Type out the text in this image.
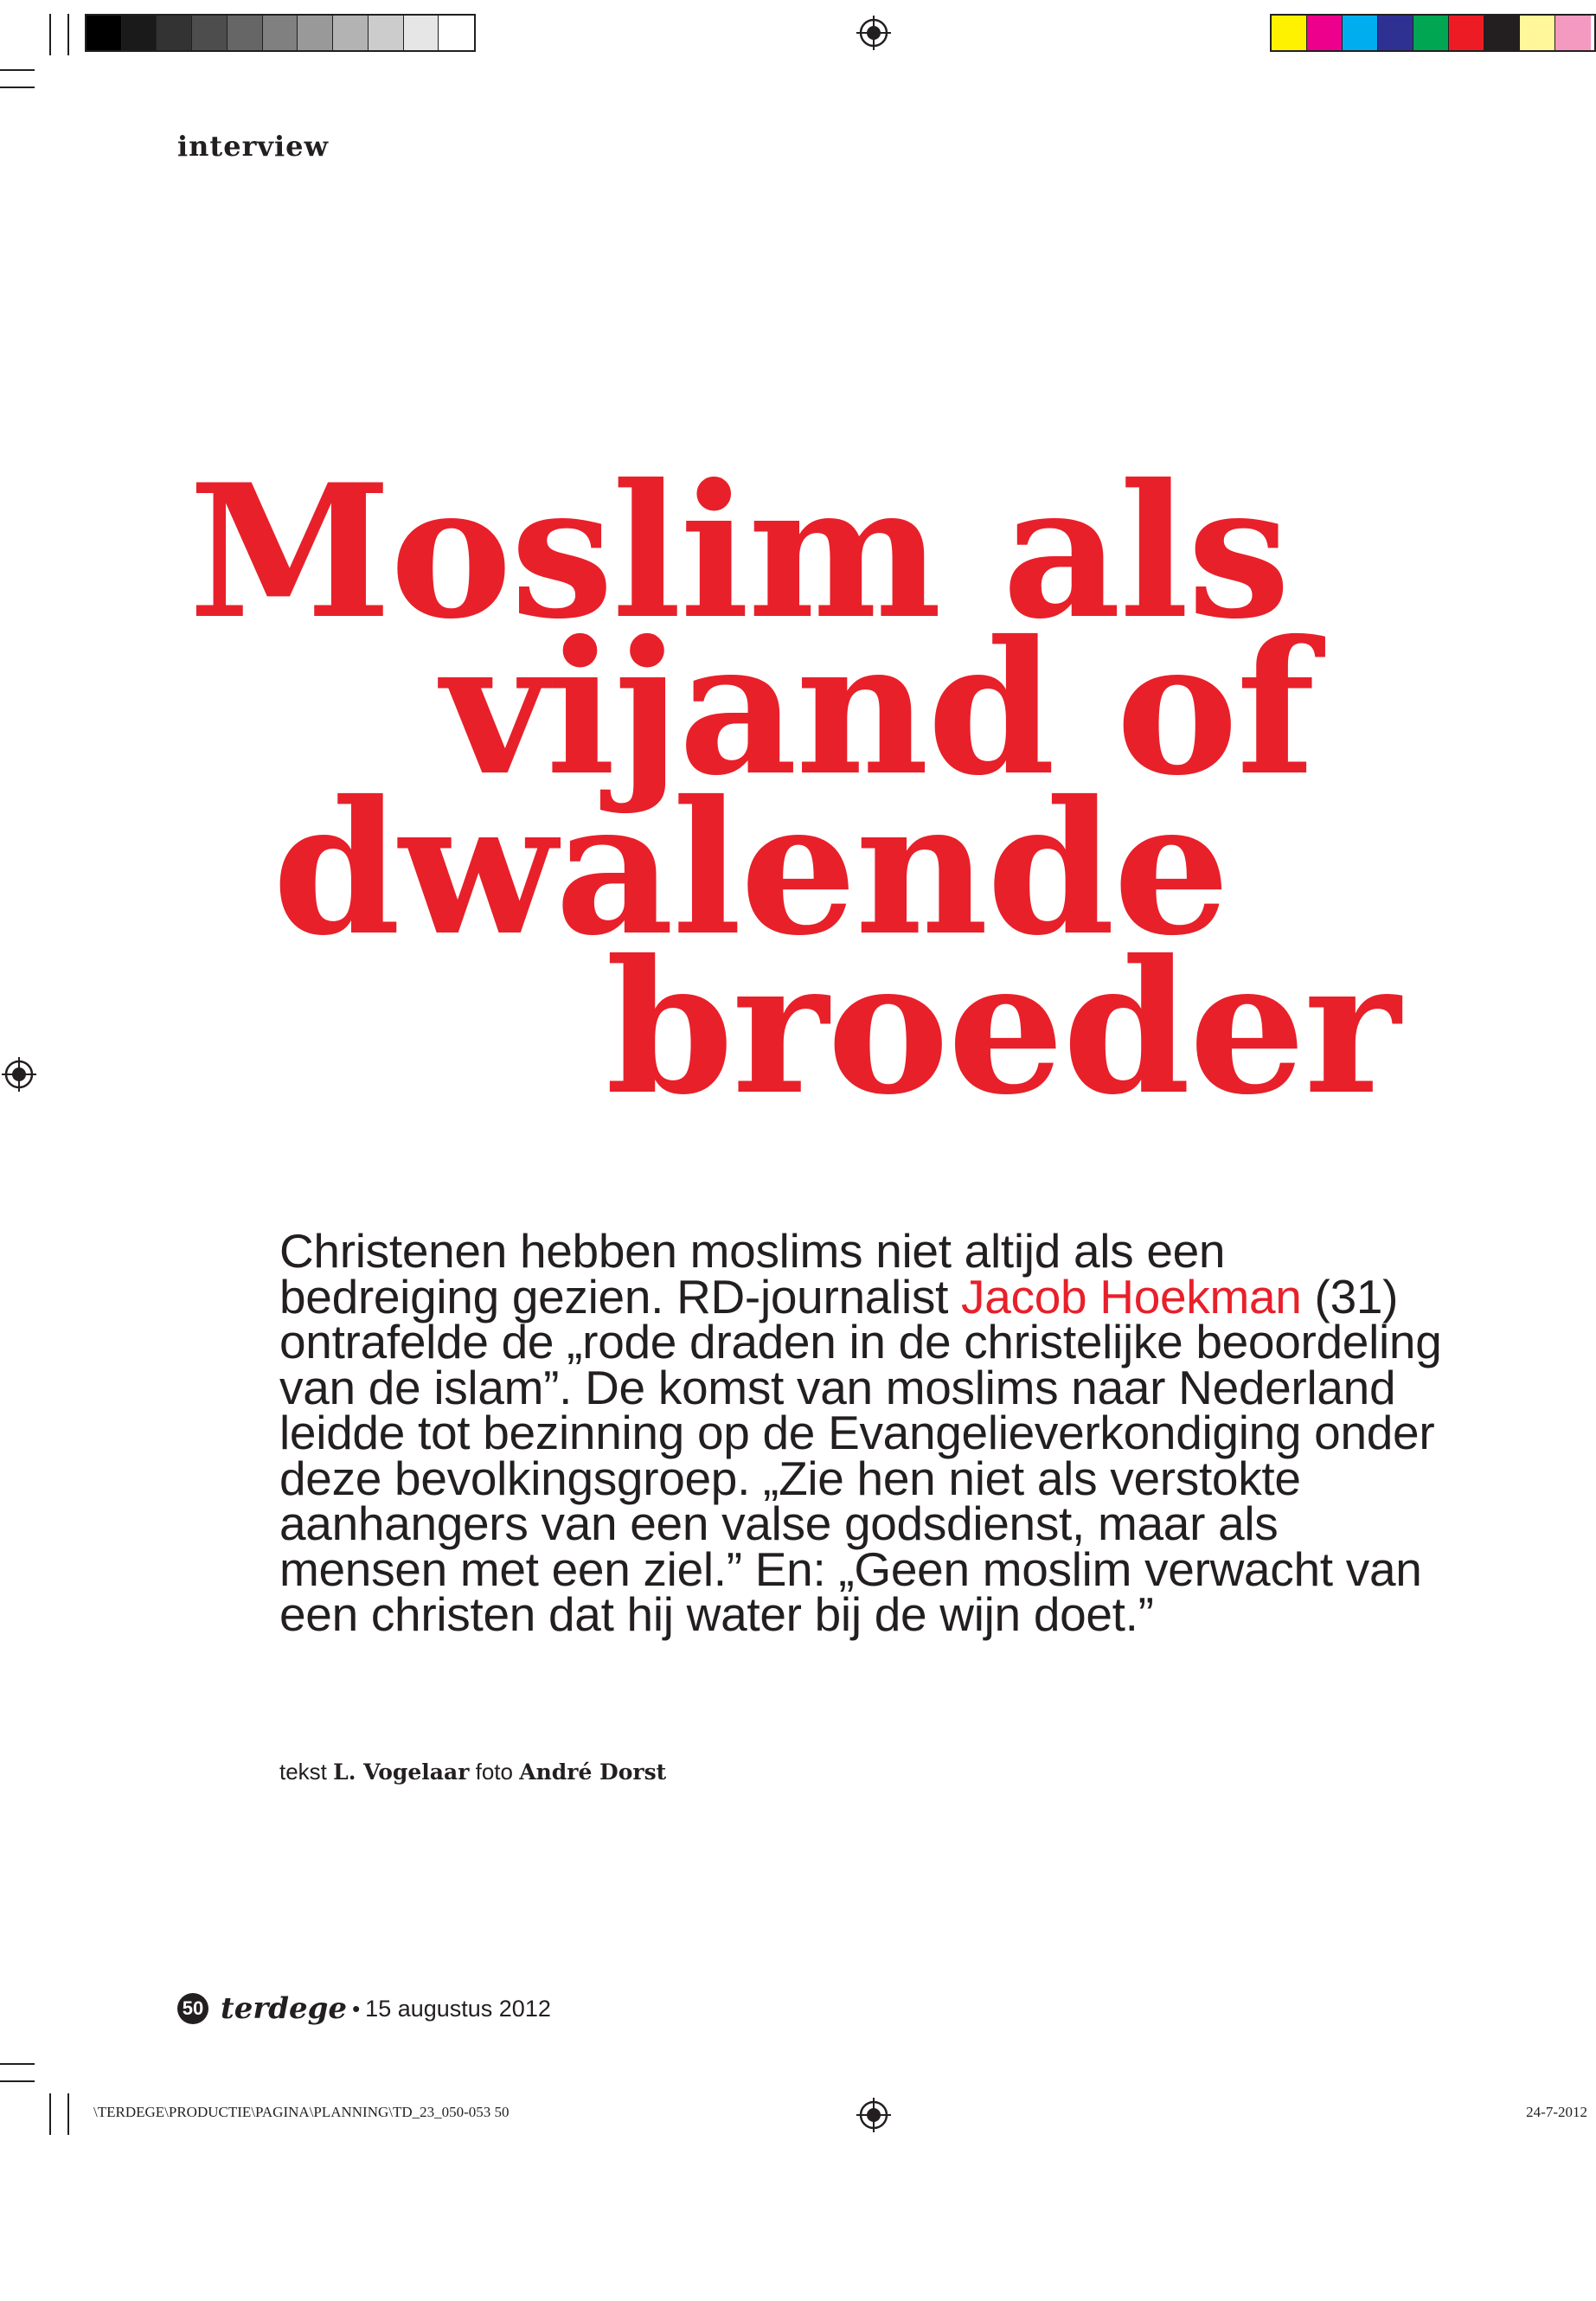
interview
Moslim als
vijand of
dwalende
broeder

Christenen hebben moslims niet altijd als een bedreiging gezien. RD-journalist Jacob Hoekman (31) ontrafelde de „rode draden in de christelijke beoordeling van de islam”. De komst van moslims naar Nederland leidde tot bezinning op de Evangelieverkondiging onder deze bevolkingsgroep. „Zie hen niet als verstokte aanhangers van een valse godsdienst, maar als mensen met een ziel.” En: „Geen moslim verwacht van een christen dat hij water bij de wijn doet.”

tekst L. Vogelaar foto André Dorst
50 terdege • 15 augustus 2012
\TERDEGE\PRODUCTIE\PAGINA\PLANNING\TD_23_050-053 50	24-7-2012
